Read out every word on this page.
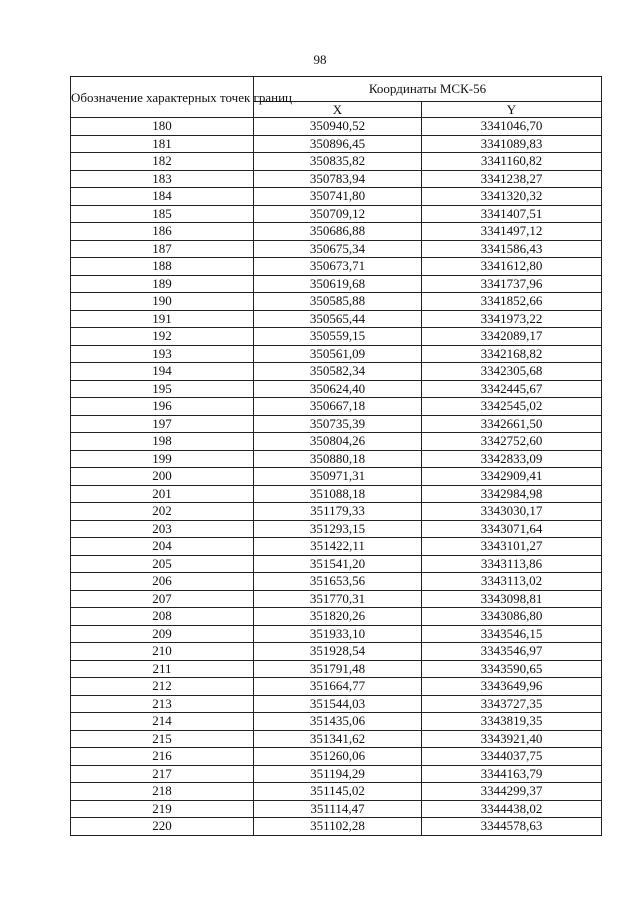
98
Обозначение характерных точек границ	Координаты МСК-56	
	X	Y
180	350940,52	3341046,70
181	350896,45	3341089,83
182	350835,82	3341160,82
183	350783,94	3341238,27
184	350741,80	3341320,32
185	350709,12	3341407,51
186	350686,88	3341497,12
187	350675,34	3341586,43
188	350673,71	3341612,80
189	350619,68	3341737,96
190	350585,88	3341852,66
191	350565,44	3341973,22
192	350559,15	3342089,17
193	350561,09	3342168,82
194	350582,34	3342305,68
195	350624,40	3342445,67
196	350667,18	3342545,02
197	350735,39	3342661,50
198	350804,26	3342752,60
199	350880,18	3342833,09
200	350971,31	3342909,41
201	351088,18	3342984,98
202	351179,33	3343030,17
203	351293,15	3343071,64
204	351422,11	3343101,27
205	351541,20	3343113,86
206	351653,56	3343113,02
207	351770,31	3343098,81
208	351820,26	3343086,80
209	351933,10	3343546,15
210	351928,54	3343546,97
211	351791,48	3343590,65
212	351664,77	3343649,96
213	351544,03	3343727,35
214	351435,06	3343819,35
215	351341,62	3343921,40
216	351260,06	3344037,75
217	351194,29	3344163,79
218	351145,02	3344299,37
219	351114,47	3344438,02
220	351102,28	3344578,63
